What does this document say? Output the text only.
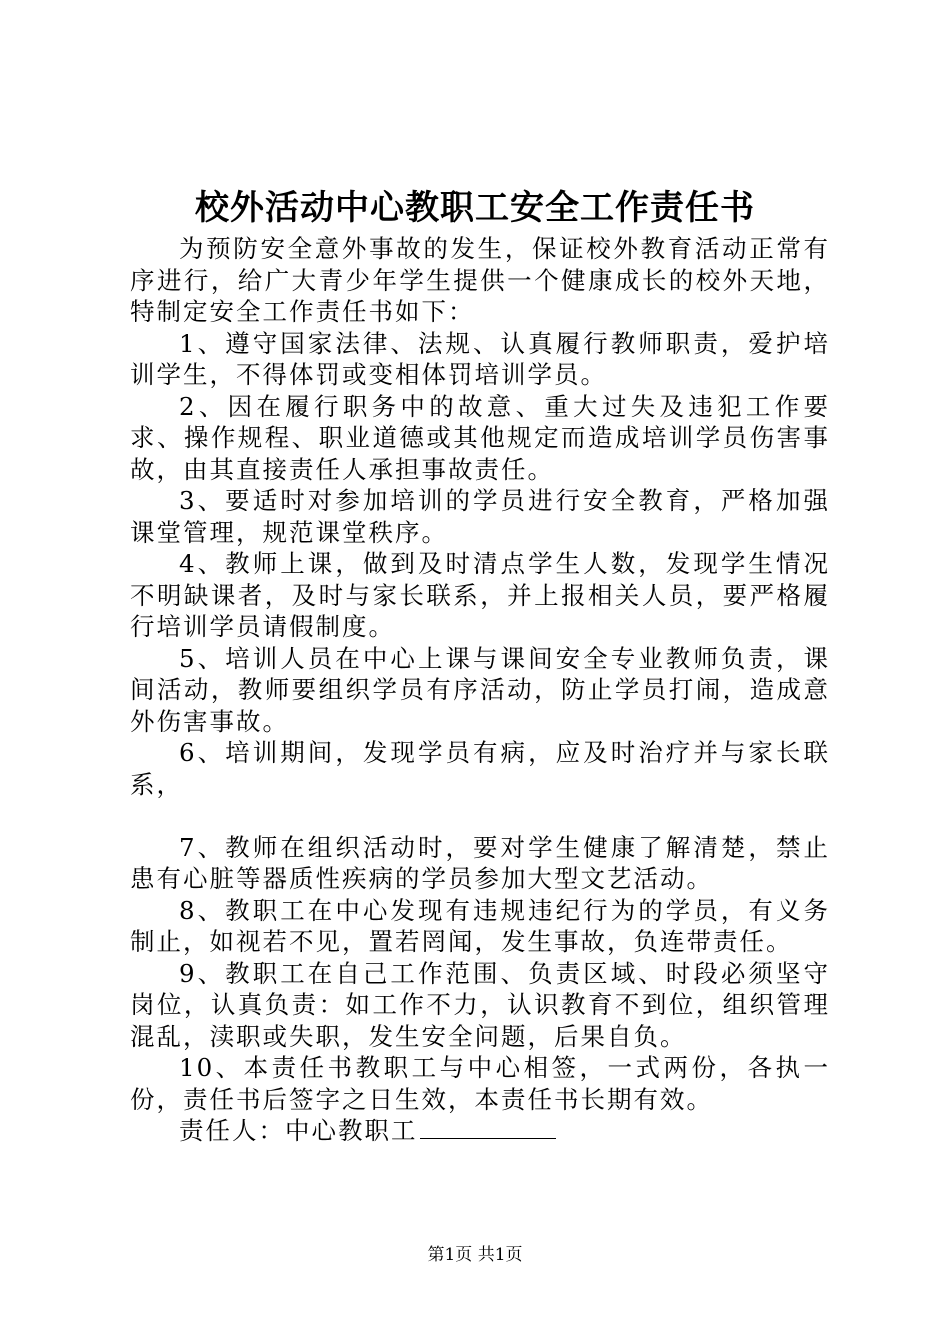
校外活动中心教职工安全工作责任书

为预防安全意外事故的发生，保证校外教育活动正常有序进行，给广大青少年学生提供一个健康成长的校外天地，特制定安全工作责任书如下：

1、遵守国家法律、法规、认真履行教师职责，爱护培训学生，不得体罚或变相体罚培训学员。

2、因在履行职务中的故意、重大过失及违犯工作要求、操作规程、职业道德或其他规定而造成培训学员伤害事故，由其直接责任人承担事故责任。

3、要适时对参加培训的学员进行安全教育，严格加强课堂管理，规范课堂秩序。

4、教师上课，做到及时清点学生人数，发现学生情况不明缺课者，及时与家长联系，并上报相关人员，要严格履行培训学员请假制度。

5、培训人员在中心上课与课间安全专业教师负责，课间活动，教师要组织学员有序活动，防止学员打闹，造成意外伤害事故。

6、培训期间，发现学员有病，应及时治疗并与家长联系，

7、教师在组织活动时，要对学生健康了解清楚，禁止患有心脏等器质性疾病的学员参加大型文艺活动。

8、教职工在中心发现有违规违纪行为的学员，有义务制止，如视若不见，置若罔闻，发生事故，负连带责任。

9、教职工在自己工作范围、负责区域、时段必须坚守岗位，认真负责：如工作不力，认识教育不到位，组织管理混乱，渎职或失职，发生安全问题，后果自负。

10、本责任书教职工与中心相签，一式两份，各执一份，责任书后签字之日生效，本责任书长期有效。

责任人：中心教职工

第1页 共1页
